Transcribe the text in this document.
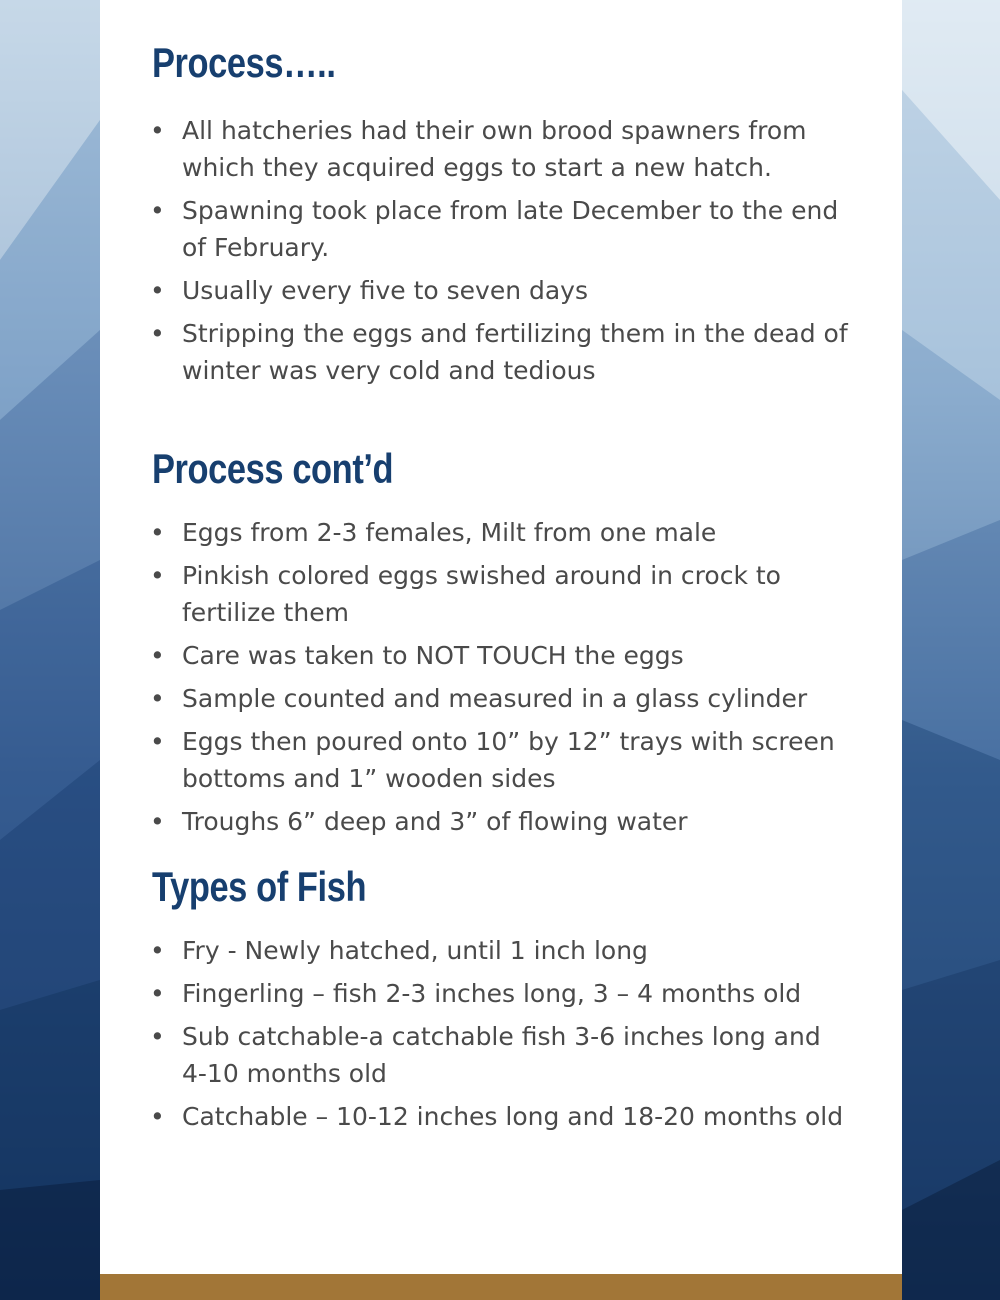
Process…..
• All hatcheries had their own brood spawners from which they acquired eggs to start a new hatch.
• Spawning took place from late December to the end of February.
• Usually every five to seven days
• Stripping the eggs and fertilizing them in the dead of winter was very cold and tedious
Process cont’d
• Eggs from 2-3 females, Milt from one male
• Pinkish colored eggs swished around in crock to fertilize them
• Care was taken to NOT TOUCH the eggs
• Sample counted and measured in a glass cylinder
• Eggs then poured onto 10” by 12” trays with screen bottoms and 1” wooden sides
• Troughs 6” deep and 3” of flowing water
Types of Fish
• Fry - Newly hatched, until 1 inch long
• Fingerling – fish 2-3 inches long, 3 – 4 months old
• Sub catchable-a catchable fish 3-6 inches long and 4-10 months old
• Catchable – 10-12 inches long and 18-20 months old
